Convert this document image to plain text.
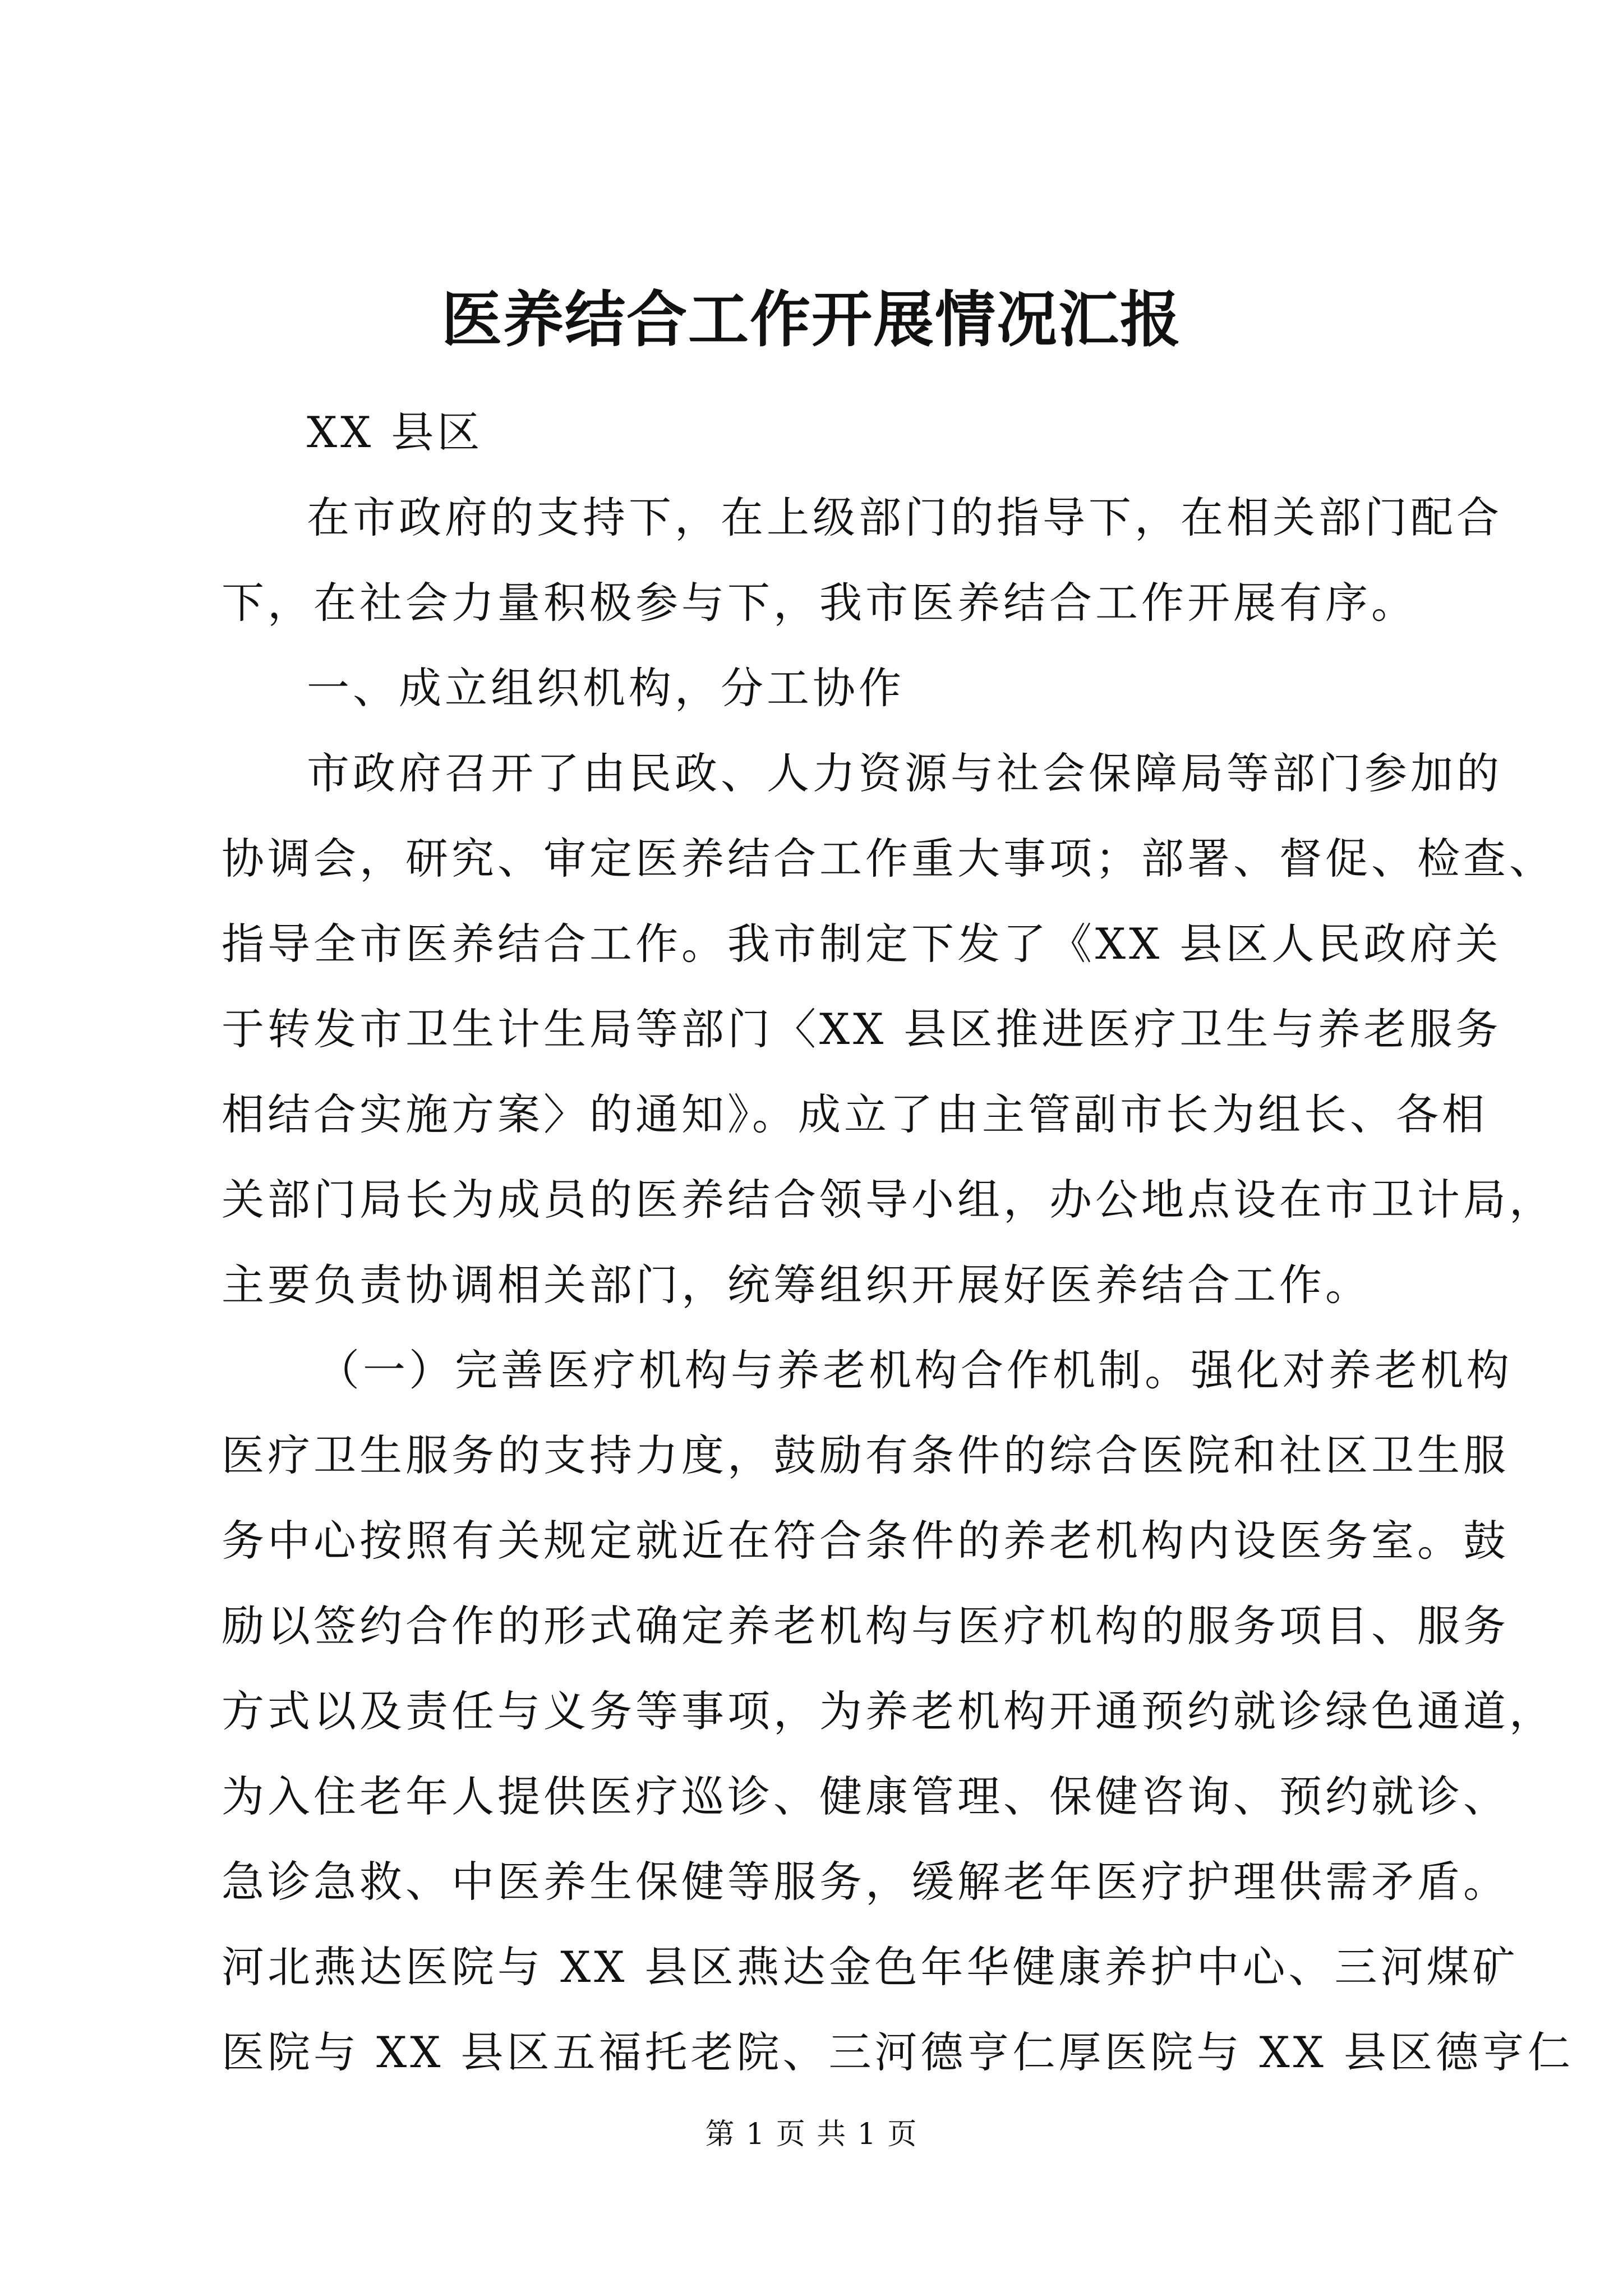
医养结合工作开展情况汇报
XX 县区
在市政府的支持下，在上级部门的指导下，在相关部门配合
下，在社会力量积极参与下，我市医养结合工作开展有序。
一、成立组织机构，分工协作
市政府召开了由民政、人力资源与社会保障局等部门参加的
协调会，研究、审定医养结合工作重大事项；部署、督促、检查、
指导全市医养结合工作。我市制定下发了《XX 县区人民政府关
于转发市卫生计生局等部门〈XX 县区推进医疗卫生与养老服务
相结合实施方案〉的通知》。成立了由主管副市长为组长、各相
关部门局长为成员的医养结合领导小组，办公地点设在市卫计局，
主要负责协调相关部门，统筹组织开展好医养结合工作。
（一）完善医疗机构与养老机构合作机制。强化对养老机构
医疗卫生服务的支持力度，鼓励有条件的综合医院和社区卫生服
务中心按照有关规定就近在符合条件的养老机构内设医务室。鼓
励以签约合作的形式确定养老机构与医疗机构的服务项目、服务
方式以及责任与义务等事项，为养老机构开通预约就诊绿色通道，
为入住老年人提供医疗巡诊、健康管理、保健咨询、预约就诊、
急诊急救、中医养生保健等服务，缓解老年医疗护理供需矛盾。
河北燕达医院与 XX 县区燕达金色年华健康养护中心、三河煤矿
医院与 XX 县区五福托老院、三河德亨仁厚医院与 XX 县区德亨仁
第 1 页 共 1 页
